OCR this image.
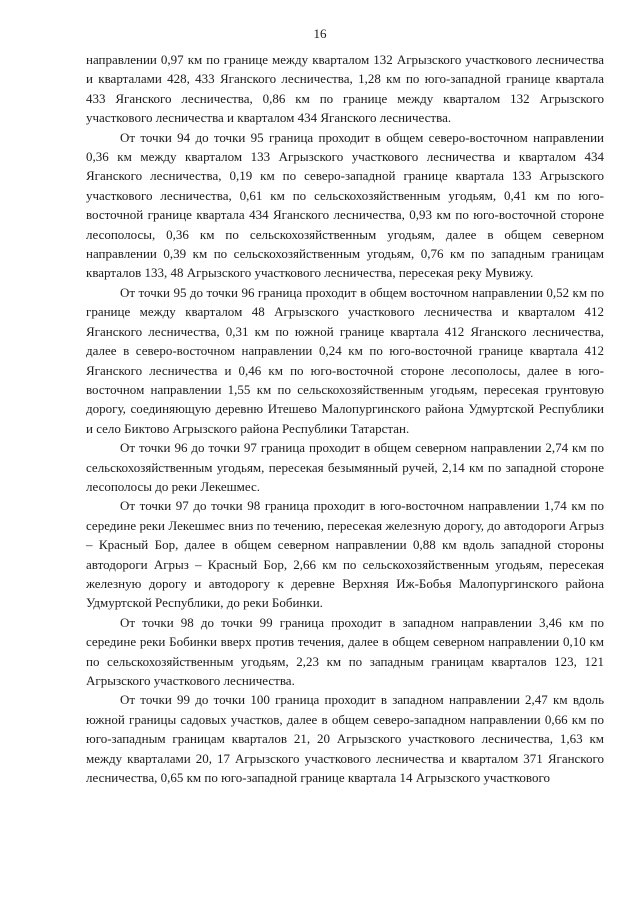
16

направлении 0,97 км по границе между кварталом 132 Агрызского участкового лесничества и кварталами 428, 433 Яганского лесничества, 1,28 км по юго-западной границе квартала 433 Яганского лесничества, 0,86 км по границе между кварталом 132 Агрызского участкового лесничества и кварталом 434 Яганского лесничества.

От точки 94 до точки 95 граница проходит в общем северо-восточном направлении 0,36 км между кварталом 133 Агрызского участкового лесничества и кварталом 434 Яганского лесничества, 0,19 км по северо-западной границе квартала 133 Агрызского участкового лесничества, 0,61 км по сельскохозяйственным угодьям, 0,41 км по юго-восточной границе квартала 434 Яганского лесничества, 0,93 км по юго-восточной стороне лесополосы, 0,36 км по сельскохозяйственным угодьям, далее в общем северном направлении 0,39 км по сельскохозяйственным угодьям, 0,76 км по западным границам кварталов 133, 48 Агрызского участкового лесничества, пересекая реку Мувижу.

От точки 95 до точки 96 граница проходит в общем восточном направлении 0,52 км по границе между кварталом 48 Агрызского участкового лесничества и кварталом 412 Яганского лесничества, 0,31 км по южной границе квартала 412 Яганского лесничества, далее в северо-восточном направлении 0,24 км по юго-восточной границе квартала 412 Яганского лесничества и 0,46 км по юго-восточной стороне лесополосы, далее в юго-восточном направлении 1,55 км по сельскохозяйственным угодьям, пересекая грунтовую дорогу, соединяющую деревню Итешево Малопургинского района Удмуртской Республики и село Биктово Агрызского района Республики Татарстан.

От точки 96 до точки 97 граница проходит в общем северном направлении 2,74 км по сельскохозяйственным угодьям, пересекая безымянный ручей, 2,14 км по западной стороне лесополосы до реки Лекешмес.

От точки 97 до точки 98 граница проходит в юго-восточном направлении 1,74 км по середине реки Лекешмес вниз по течению, пересекая железную дорогу, до автодороги Агрыз – Красный Бор, далее в общем северном направлении 0,88 км вдоль западной стороны автодороги Агрыз – Красный Бор, 2,66 км по сельскохозяйственным угодьям, пересекая железную дорогу и автодорогу к деревне Верхняя Иж-Бобья Малопургинского района Удмуртской Республики, до реки Бобинки.

От точки 98 до точки 99 граница проходит в западном направлении 3,46 км по середине реки Бобинки вверх против течения, далее в общем северном направлении 0,10 км по сельскохозяйственным угодьям, 2,23 км по западным границам кварталов 123, 121 Агрызского участкового лесничества.

От точки 99 до точки 100 граница проходит в западном направлении 2,47 км вдоль южной границы садовых участков, далее в общем северо-западном направлении 0,66 км по юго-западным границам кварталов 21, 20 Агрызского участкового лесничества, 1,63 км между кварталами 20, 17 Агрызского участкового лесничества и кварталом 371 Яганского лесничества, 0,65 км по юго-западной границе квартала 14 Агрызского участкового
